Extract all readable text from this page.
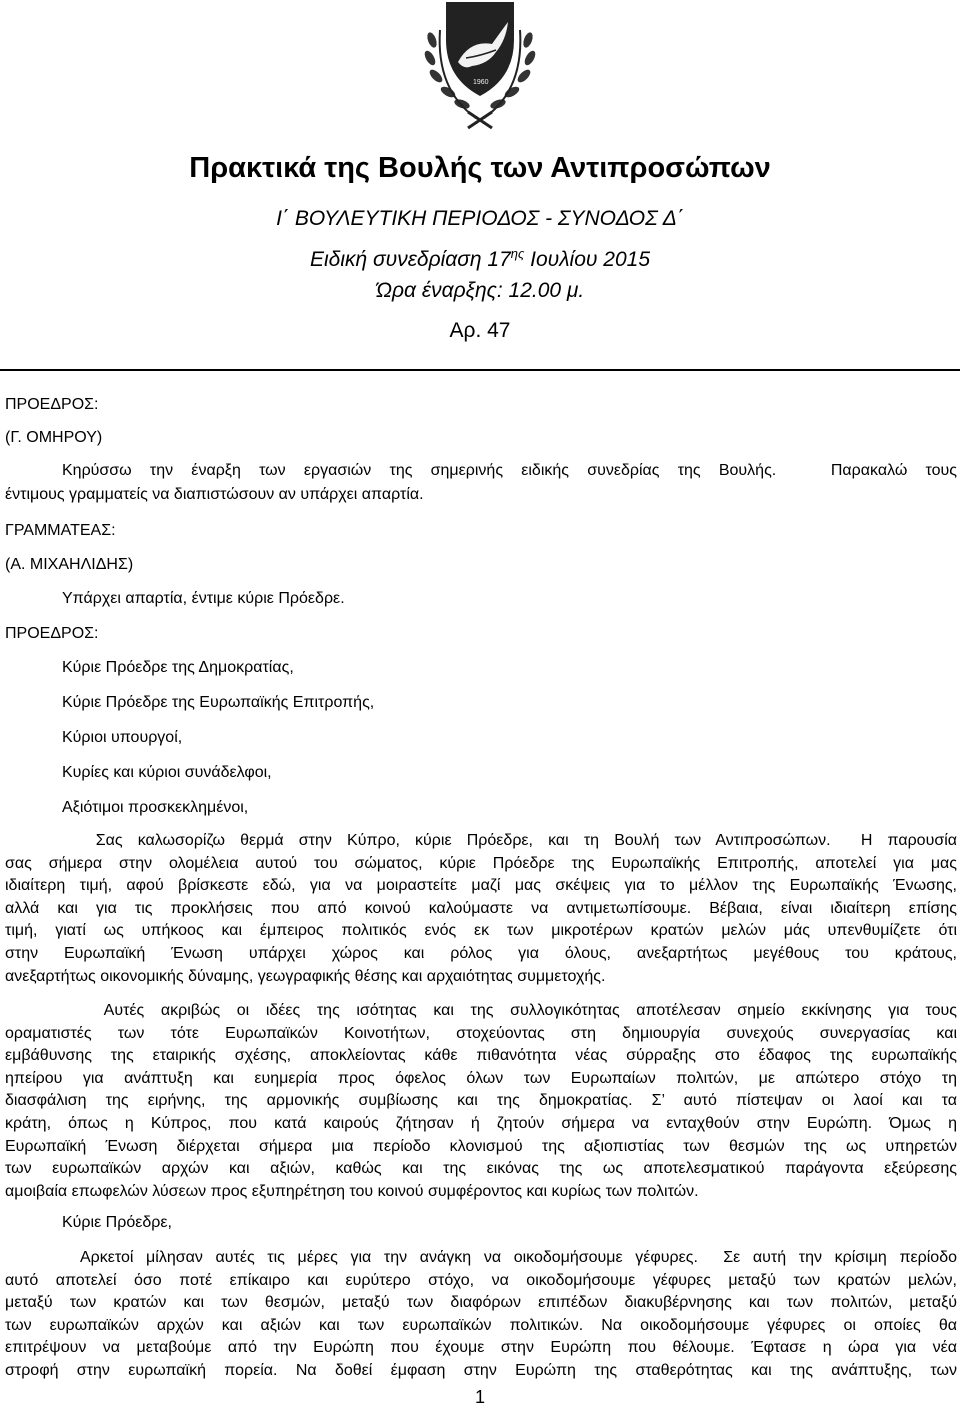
1960
Πρακτικά της Βουλής των Αντιπροσώπων
Ι΄ ΒΟΥΛΕΥΤΙΚΗ ΠΕΡΙΟΔΟΣ - ΣΥΝΟΔΟΣ Δ΄
Ειδική συνεδρίαση $17^{\eta\varsigma}$ Ιουλίου 2015
Ώρα έναρξης: 12.00 μ.
Αρ. 47
ΠΡΟΕΔΡΟΣ:
(Γ. ΟΜΗΡΟΥ)
Κηρύσσω την έναρξη των εργασιών της σημερινής ειδικής συνεδρίας της Βουλής.   Παρακαλώ τους
έντιμους γραμματείς να διαπιστώσουν αν υπάρχει απαρτία.
ΓΡΑΜΜΑΤΕΑΣ:
(Α. ΜΙΧΑΗΛΙΔΗΣ)
Υπάρχει απαρτία, έντιμε κύριε Πρόεδρε.
ΠΡΟΕΔΡΟΣ:
Κύριε Πρόεδρε της Δημοκρατίας,
Κύριε Πρόεδρε της Ευρωπαϊκής Επιτροπής,
Κύριοι υπουργοί,
Κυρίες και κύριοι συνάδελφοι,
Αξιότιμοι προσκεκλημένοι,
Σας καλωσορίζω θερμά στην Κύπρο, κύριε Πρόεδρε, και τη Βουλή των Αντιπροσώπων.  Η παρουσία
σας σήμερα στην ολομέλεια αυτού του σώματος, κύριε Πρόεδρε της Ευρωπαϊκής Επιτροπής, αποτελεί για μας
ιδιαίτερη τιμή, αφού βρίσκεστε εδώ, για να μοιραστείτε μαζί μας σκέψεις για το μέλλον της Ευρωπαϊκής Ένωσης,
αλλά και για τις προκλήσεις που από κοινού καλούμαστε να αντιμετωπίσουμε. Βέβαια, είναι ιδιαίτερη επίσης
τιμή, γιατί ως υπήκοος και έμπειρος πολιτικός ενός εκ των μικροτέρων κρατών μελών μάς υπενθυμίζετε ότι
στην Ευρωπαϊκή Ένωση υπάρχει χώρος και ρόλος για όλους, ανεξαρτήτως μεγέθους του κράτους,
ανεξαρτήτως οικονομικής δύναμης, γεωγραφικής θέσης και αρχαιότητας συμμετοχής.
Αυτές ακριβώς οι ιδέες της ισότητας και της συλλογικότητας αποτέλεσαν σημείο εκκίνησης για τους
οραματιστές των τότε Ευρωπαϊκών Κοινοτήτων, στοχεύοντας στη δημιουργία συνεχούς συνεργασίας και
εμβάθυνσης της εταιρικής σχέσης, αποκλείοντας κάθε πιθανότητα νέας σύρραξης στο έδαφος της ευρωπαϊκής
ηπείρου για ανάπτυξη και ευημερία προς όφελος όλων των Ευρωπαίων πολιτών, με απώτερο στόχο τη
διασφάλιση της ειρήνης, της αρμονικής συμβίωσης και της δημοκρατίας. Σ’ αυτό πίστεψαν οι λαοί και τα
κράτη, όπως η Κύπρος, που κατά καιρούς ζήτησαν ή ζητούν σήμερα να ενταχθούν στην Ευρώπη. Όμως η
Ευρωπαϊκή Ένωση διέρχεται σήμερα μια περίοδο κλονισμού της αξιοπιστίας των θεσμών της ως υπηρετών
των ευρωπαϊκών αρχών και αξιών, καθώς και της εικόνας της ως αποτελεσματικού παράγοντα εξεύρεσης
αμοιβαία επωφελών λύσεων προς εξυπηρέτηση του κοινού συμφέροντος και κυρίως των πολιτών.
Κύριε Πρόεδρε,
Αρκετοί μίλησαν αυτές τις μέρες για την ανάγκη να οικοδομήσουμε γέφυρες.  Σε αυτή την κρίσιμη περίοδο
αυτό αποτελεί όσο ποτέ επίκαιρο και ευρύτερο στόχο, να οικοδομήσουμε γέφυρες μεταξύ των κρατών μελών,
μεταξύ των κρατών και των θεσμών, μεταξύ των διαφόρων επιπέδων διακυβέρνησης και των πολιτών, μεταξύ
των ευρωπαϊκών αρχών και αξιών και των ευρωπαϊκών πολιτικών. Να οικοδομήσουμε γέφυρες οι οποίες θα
επιτρέψουν να μεταβούμε από την Ευρώπη που έχουμε στην Ευρώπη που θέλουμε. Έφτασε η ώρα για νέα
στροφή στην ευρωπαϊκή πορεία. Να δοθεί έμφαση στην Ευρώπη της σταθερότητας και της ανάπτυξης, των
1
